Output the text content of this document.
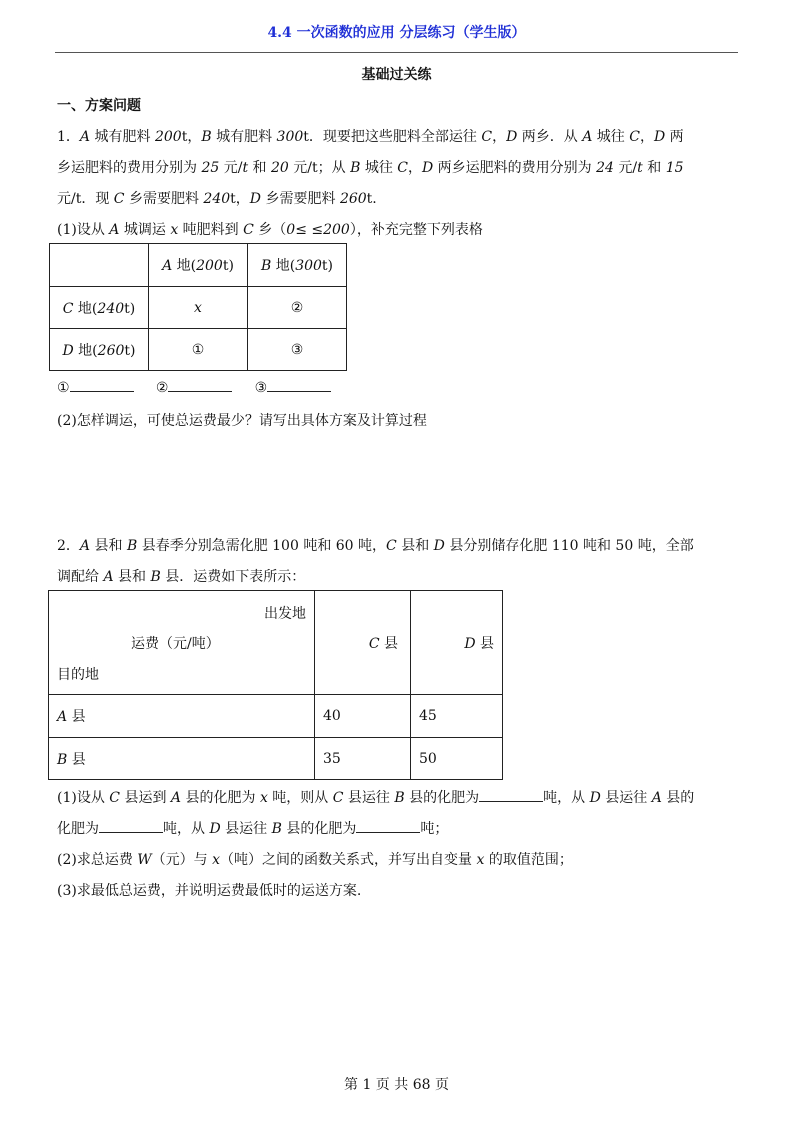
4.4 一次函数的应用 分层练习（学生版）
基础过关练
一、方案问题
1．A 城有肥料 200t，B 城有肥料 300t．现要把这些肥料全部运往 C，D 两乡．从 A 城往 C，D 两
乡运肥料的费用分别为 25 元/t 和 20 元/t；从 B 城往 C，D 两乡运肥料的费用分别为 24 元/t 和 15
元/t．现 C 乡需要肥料 240t，D 乡需要肥料 260t.
(1)设从 A 城调运 x 吨肥料到 C 乡（0≤ ≤200），补充完整下列表格
	A 地(200t)	B 地(300t)
C 地(240t)	x	②
D 地(260t)	①	③
①	②	③
(2)怎样调运，可使总运费最少？请写出具体方案及计算过程
2．A 县和 B 县春季分别急需化肥 100 吨和 60 吨，C 县和 D 县分别储存化肥 110 吨和 50 吨，全部
调配给 A 县和 B 县．运费如下表所示：
出发地
运费（元/吨）
目的地	C 县	D 县
A 县	40	45
B 县	35	50
(1)设从 C 县运到 A 县的化肥为 x 吨，则从 C 县运往 B 县的化肥为	吨，从 D 县运往 A 县的
化肥为	吨，从 D 县运往 B 县的化肥为	吨；
(2)求总运费 W（元）与 x（吨）之间的函数关系式，并写出自变量 x 的取值范围；
(3)求最低总运费，并说明运费最低时的运送方案.
第 1 页 共 68 页
